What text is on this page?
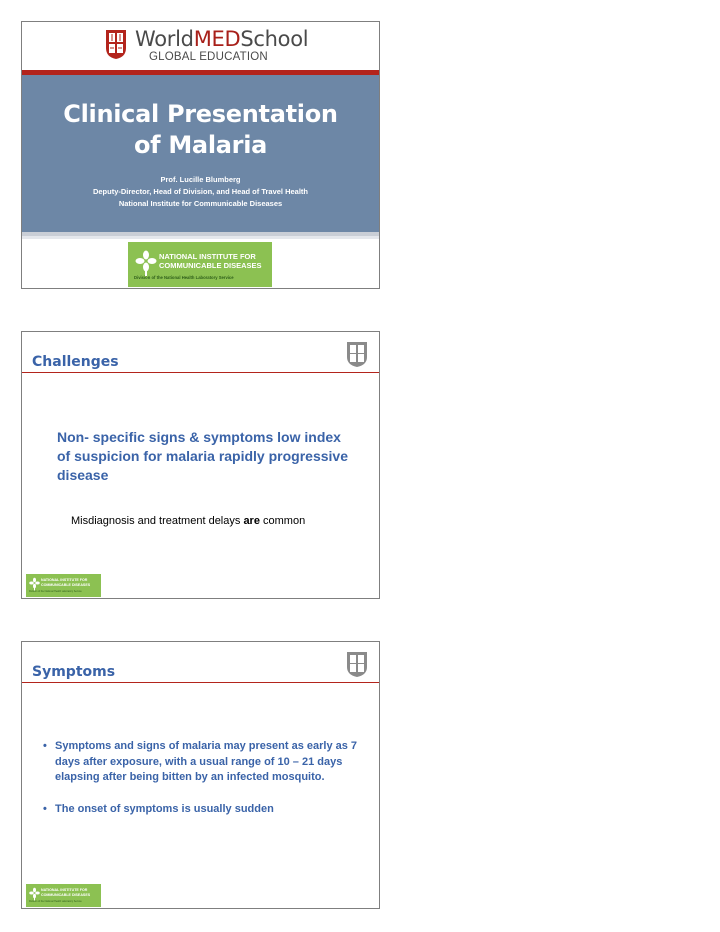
WorldMEDSchool
GLOBAL EDUCATION
Clinical Presentation
of Malaria
Prof. Lucille Blumberg
Deputy-Director, Head of Division, and Head of Travel Health
National Institute for Communicable Diseases
NATIONAL INSTITUTE FOR
COMMUNICABLE DISEASES
Division of the National Health Laboratory Service
Challenges
Non- specific signs & symptoms low index of suspicion for malaria rapidly progressive disease
Misdiagnosis and treatment delays are common
NATIONAL INSTITUTE FOR
COMMUNICABLE DISEASES
Division of the National Health Laboratory Service
Symptoms
• Symptoms and signs of malaria may present as early as 7 days after exposure, with a usual range of 10 – 21 days elapsing after being bitten by an infected mosquito.
• The onset of symptoms is usually sudden
NATIONAL INSTITUTE FOR
COMMUNICABLE DISEASES
Division of the National Health Laboratory Service
